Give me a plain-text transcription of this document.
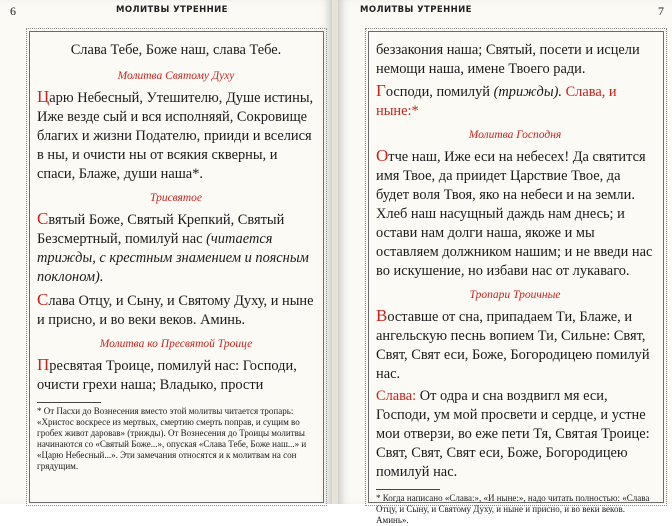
6	МОЛИТВЫ УТРЕННИЕ

Слава Тебе, Боже наш, слава Тебе.

Молитва Святому Духу

Царю Небесный, Утешителю, Душе истины, Иже везде сый и вся исполняяй, Сокровище благих и жизни Подателю, прииди и вселися в ны, и очисти ны от всякия скверны, и спаси, Блаже, души наша*.

Трисвятое

Святый Боже, Святый Крепкий, Святый Безсмертный, помилуй нас (читается трижды, с крестным знамением и поясным поклоном).

Слава Отцу, и Сыну, и Святому Духу, и ныне и присно, и во веки веков. Аминь.

Молитва ко Пресвятой Троице

Пресвятая Троице, помилуй нас: Господи, очисти грехи наша; Владыко, прости

* От Пасхи до Вознесения вместо этой молитвы читается тропарь: «Христос воскресе из мертвых, смертию смерть поправ, и сущим во гробех живот даровав» (трижды). От Вознесения до Троицы молитвы начинаются со «Святый Боже...», опуская «Слава Тебе, Боже наш...» и «Царю Небесный...». Эти замечания относятся и к молитвам на сон грядущим.

МОЛИТВЫ УТРЕННИЕ	7

беззакония наша; Святый, посети и исцели немощи наша, имене Твоего ради.

Господи, помилуй (трижды). Слава, и ныне:*

Молитва Господня

Отче наш, Иже еси на небесех! Да святится имя Твое, да приидет Царствие Твое, да будет воля Твоя, яко на небеси и на земли. Хлеб наш насущный даждь нам днесь; и остави нам долги наша, якоже и мы оставляем должником нашим; и не введи нас во искушение, но избави нас от лукаваго.

Тропари Троичные

Воставше от сна, припадаем Ти, Блаже, и ангельскую песнь вопием Ти, Сильне: Свят, Свят, Свят еси, Боже, Богородицею помилуй нас.

Слава: От одра и сна воздвигл мя еси, Господи, ум мой просвети и сердце, и устне мои отверзи, во еже пети Тя, Святая Троице: Свят, Свят, Свят еси, Боже, Богородицею помилуй нас.

* Когда написано «Слава:», «И ныне:», надо читать полностью: «Слава Отцу, и Сыну, и Святому Духу, и ныне и присно, и во веки веков. Аминь».
